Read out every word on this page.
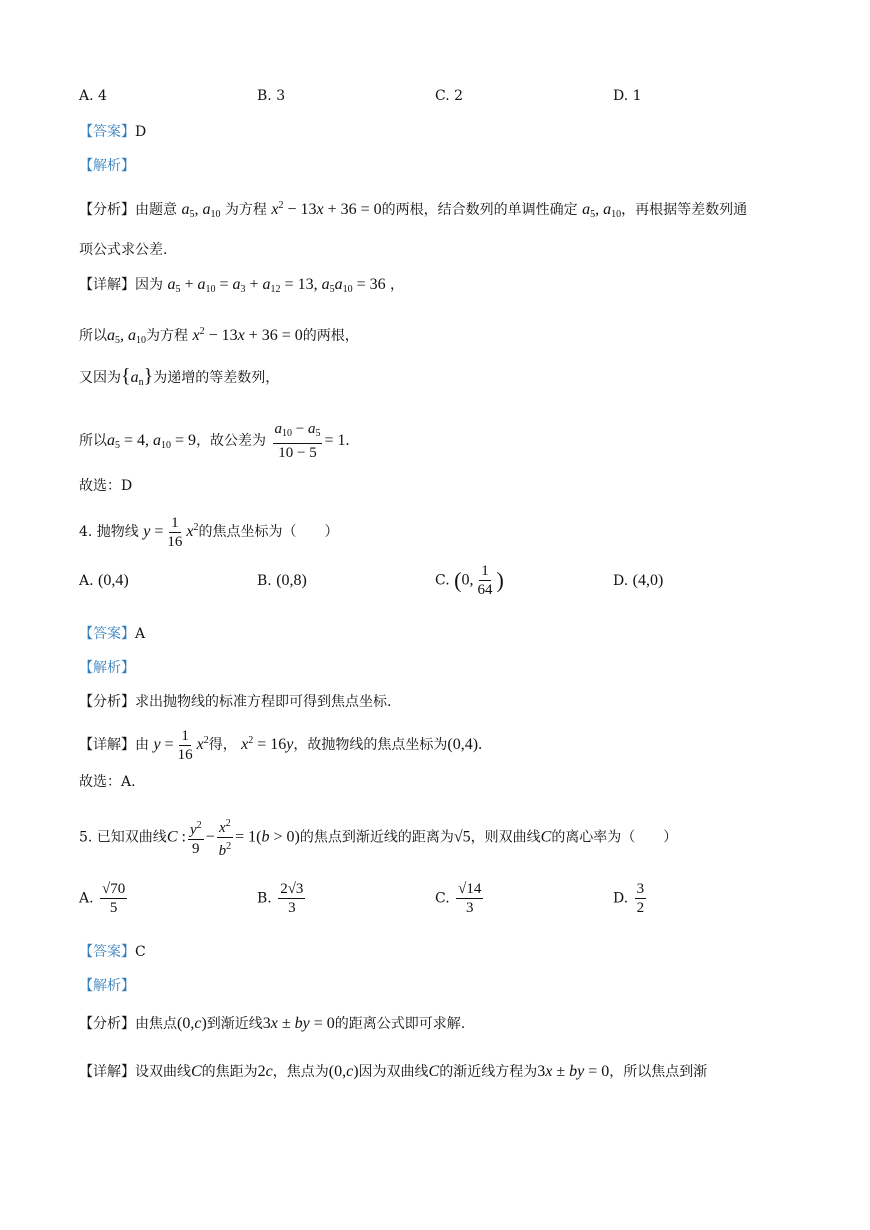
A. 4	B. 3	C. 2	D. 1
【答案】D
【解析】
【分析】由题意 $a_5$, $a_{10}$ 为方程 $x^2 - 13x + 36 = 0$的两根，结合数列的单调性确定 $a_5$, $a_{10}$，再根据等差数列通
项公式求公差.
【详解】因为 $a_5 + a_{10} = a_3 + a_{12} = 13$, $a_5a_{10} = 36$ ，
所以$a_5$, $a_{10}$为方程 $x^2 - 13x + 36 = 0$的两根，
又因为$\{a_n\}$为递增的等差数列，
所以$a_5 = 4$, $a_{10} = 9$，故公差为 $\frac{a_{10} - a_5}{10 - 5} = 1$.
故选：D
4. 抛物线 $y = \frac{1}{16} x^2$的焦点坐标为（　　）
A. (0,4)	B. (0,8)	C. (0, $\frac{1}{64}$ )	D. (4,0)
【答案】A
【解析】
【分析】求出抛物线的标准方程即可得到焦点坐标.
【详解】由 $y = \frac{1}{16} x^2$得， $x^2 = 16y$，故抛物线的焦点坐标为(0,4).
故选：A.
5. 已知双曲线C : $\frac{y^2}{9} - \frac{x^2}{b^2} = 1(b > 0)$的焦点到渐近线的距离为√5，则双曲线C的离心率为（　　）
A. $\frac{√70}{5}$	B. $\frac{2√3}{3}$	C. $\frac{√14}{3}$	D. $\frac{3}{2}$
【答案】C
【解析】
【分析】由焦点(0,c)到渐近线3x ± by = 0的距离公式即可求解.
【详解】设双曲线C的焦距为2c，焦点为(0,c)因为双曲线C的渐近线方程为3x ± by = 0，所以焦点到渐
